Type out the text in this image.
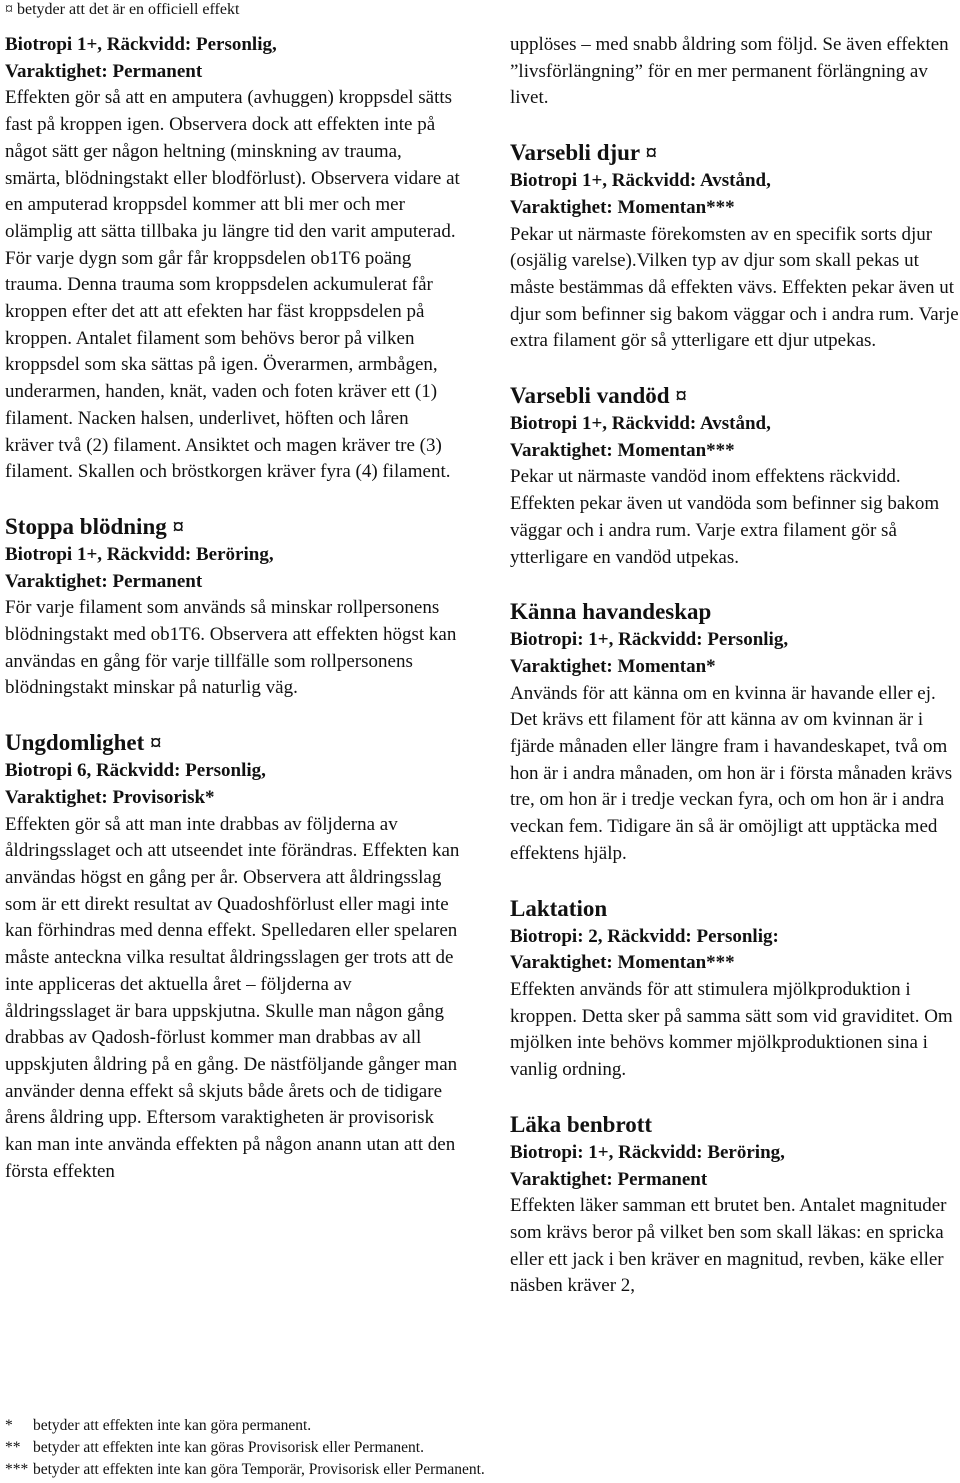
¤ betyder att det är en officiell effekt

Biotropi 1+, Räckvidd: Personlig,

Varaktighet: Permanent

Effekten gör så att en amputera (avhuggen) kroppsdel sätts fast på kroppen igen. Observera dock att effekten inte på något sätt ger någon heltning (minskning av trauma, smärta, blödningstakt eller blodförlust). Observera vidare at en amputerad kroppsdel kommer att bli mer och mer olämplig att sätta tillbaka ju längre tid den varit amputerad. För varje dygn som går får kroppsdelen ob1T6 poäng trauma. Denna trauma som kroppsdelen ackumulerat får kroppen efter det att att efekten har fäst kroppsdelen på kroppen. Antalet filament som behövs beror på vilken kroppsdel som ska sättas på igen. Överarmen, armbågen, underarmen, handen, knät, vaden och foten kräver ett (1) filament. Nacken halsen, underlivet, höften och låren kräver två (2) filament. Ansiktet och magen kräver tre (3) filament. Skallen och bröstkorgen kräver fyra (4) filament.

Stoppa blödning ¤

Biotropi 1+, Räckvidd: Beröring,

Varaktighet: Permanent

För varje filament som används så minskar rollpersonens blödningstakt med ob1T6. Observera att effekten högst kan användas en gång för varje tillfälle som rollpersonens blödningstakt minskar på naturlig väg.

Ungdomlighet ¤

Biotropi 6, Räckvidd: Personlig,

Varaktighet: Provisorisk*

Effekten gör så att man inte drabbas av följderna av åldringsslaget och att utseendet inte förändras. Effekten kan användas högst en gång per år. Observera att åldringsslag som är ett direkt resultat av Quadoshförlust eller magi inte kan förhindras med denna effekt. Spelledaren eller spelaren måste anteckna vilka resultat åldringsslagen ger trots att de inte appliceras det aktuella året – följderna av åldringsslaget är bara uppskjutna. Skulle man någon gång drabbas av Qadosh-förlust kommer man drabbas av all uppskjuten åldring på en gång. De nästföljande gånger man använder denna effekt så skjuts både årets och de tidigare årens åldring upp. Eftersom varaktigheten är provisorisk kan man inte använda effekten på någon anann utan att den första effekten

upplöses – med snabb åldring som följd. Se även effekten ”livsförlängning” för en mer permanent förlängning av livet.

Varsebli djur ¤

Biotropi 1+, Räckvidd: Avstånd,

Varaktighet: Momentan***

Pekar ut närmaste förekomsten av en specifik sorts djur (osjälig varelse).Vilken typ av djur som skall pekas ut måste bestämmas då effekten vävs. Effekten pekar även ut djur som befinner sig bakom väggar och i andra rum. Varje extra filament gör så ytterligare ett djur utpekas.

Varsebli vandöd ¤

Biotropi 1+, Räckvidd: Avstånd,

Varaktighet: Momentan***

Pekar ut närmaste vandöd inom effektens räckvidd. Effekten pekar även ut vandöda som befinner sig bakom väggar och i andra rum. Varje extra filament gör så ytterligare en vandöd utpekas.

Känna havandeskap

Biotropi: 1+, Räckvidd: Personlig,

Varaktighet: Momentan*

Används för att känna om en kvinna är havande eller ej. Det krävs ett filament för att känna av om kvinnan är i fjärde månaden eller längre fram i havandeskapet, två om hon är i andra månaden, om hon är i första månaden krävs tre, om hon är i tredje veckan fyra, och om hon är i andra veckan fem. Tidigare än så är omöjligt att upptäcka med effektens hjälp.

Laktation

Biotropi: 2, Räckvidd: Personlig:

Varaktighet: Momentan***

Effekten används för att stimulera mjölkproduktion i kroppen. Detta sker på samma sätt som vid graviditet. Om mjölken inte behövs kommer mjölkproduktionen sina i vanlig ordning.

Läka benbrott

Biotropi: 1+, Räckvidd: Beröring,

Varaktighet: Permanent

Effekten läker samman ett brutet ben. Antalet magnituder som krävs beror på vilket ben som skall läkas: en spricka eller ett jack i ben kräver en magnitud, revben, käke eller näsben kräver 2,

* betyder att effekten inte kan göra permanent.
** betyder att effekten inte kan göras Provisorisk eller Permanent.
*** betyder att effekten inte kan göra Temporär, Provisorisk eller Permanent.
